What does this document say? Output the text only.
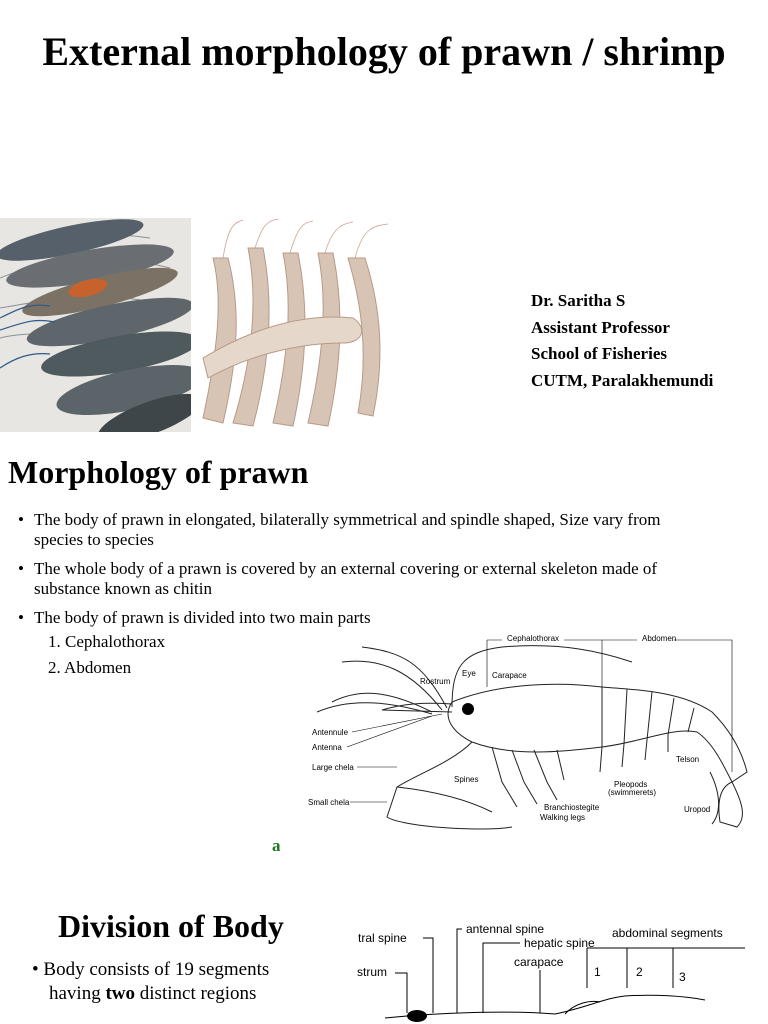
External morphology of prawn / shrimp
Dr. Saritha S
Assistant Professor
School of Fisheries
CUTM, Paralakhemundi
Morphology of prawn
• The body of prawn in elongated, bilaterally symmetrical and spindle shaped, Size vary from species to species
• The whole body of a prawn is covered by an external covering or external skeleton made of substance known as chitin
• The body of prawn is divided into two main parts
1. Cephalothorax
2. Abdomen
Cephalothorax	Abdomen
Rostrum
Eye Carapace
Antennule
Antenna
Large chela
Small chela
Spines
Branchiostegite
Walking legs
Pleopods
(swimmerets)
Telson
Uropod
a
Division of Body
• Body consists of 19 segments
having two distinct regions
tral spine
antennal spine
hepatic spine
abdominal segments
carapace
strum	1	2	3
